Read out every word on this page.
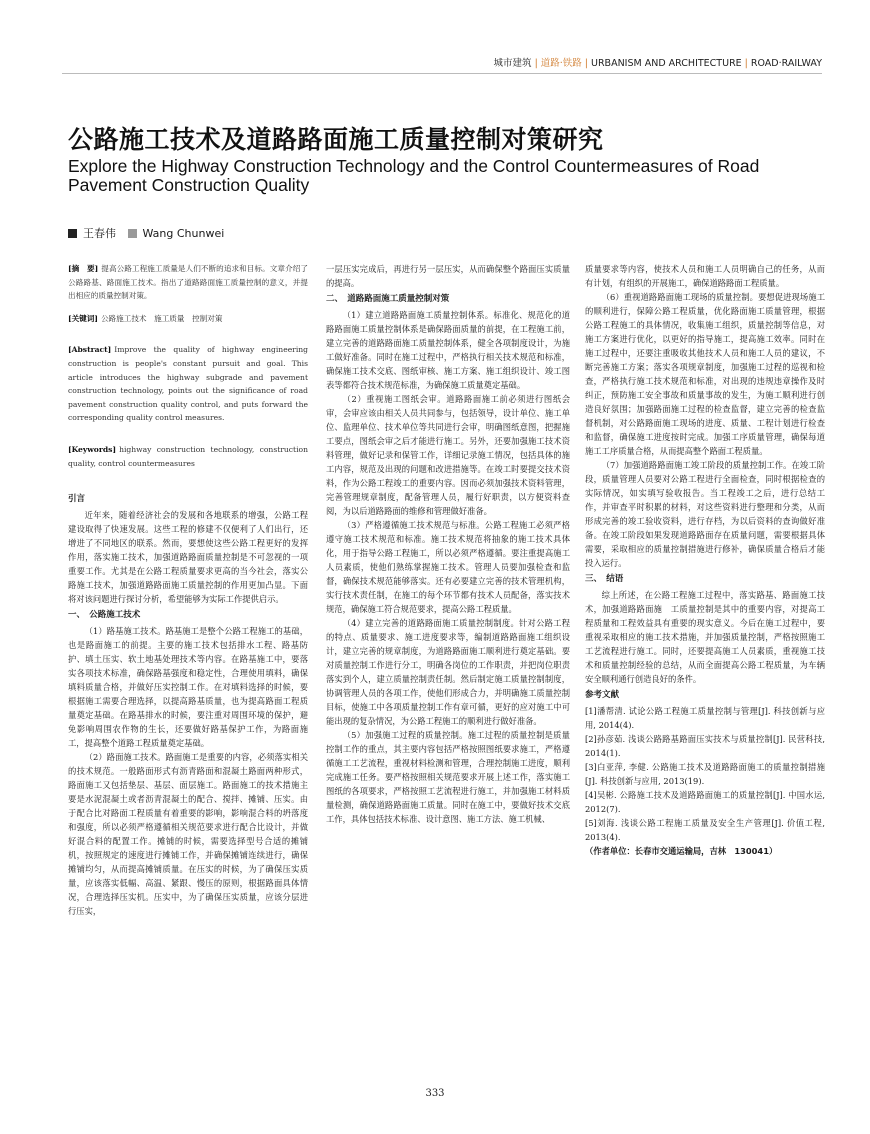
城市建筑 | 道路·铁路 | URBANISM AND ARCHITECTURE | ROAD·RAILWAY
公路施工技术及道路路面施工质量控制对策研究
Explore the Highway Construction Technology and the Control Countermeasures of Road Pavement Construction Quality
王春伟 Wang Chunwei
[摘　要] 提高公路工程施工质量是人们不断的追求和目标。文章介绍了公路路基、路面施工技术。指出了道路路面施工质量控制的意义，并提出相应的质量控制对策。
[关键词] 公路施工技术　施工质量　控制对策
[Abstract] Improve the quality of highway engineering construction is people's constant pursuit and goal. This article introduces the highway subgrade and pavement construction technology, points out the significance of road pavement construction quality control, and puts forward the corresponding quality control measures.
[Keywords] highway construction technology, construction quality, control countermeasures
引言

近年来，随着经济社会的发展和各地联系的增强，公路工程建设取得了快速发展。这些工程的修建不仅便利了人们出行，还增进了不同地区的联系。然而，要想使这些公路工程更好的发挥作用，落实施工技术，加强道路路面质量控制是不可忽视的一项重要工作。尤其是在公路工程质量要求更高的当今社会，落实公路施工技术，加强道路路面施工质量控制的作用更加凸显。下面将对该问题进行探讨分析，希望能够为实际工作提供启示。

一、　公路施工技术

（1）路基施工技术。路基施工是整个公路工程施工的基础，也是路面施工的前提。主要的施工技术包括排水工程、路基防护、填土压实、软土地基处理技术等内容。在路基施工中，要落实各项技术标准，确保路基强度和稳定性，合理使用填料，确保填料质量合格，并做好压实控制工作。在对填料选择的时候，要根据施工需要合理选择，以提高路基质量，也为提高路面工程质量奠定基础。在路基排水的时候，要注重对周围环境的保护，避免影响周围农作物的生长，还要做好路基保护工作，为路面施工，提高整个道路工程质量奠定基础。

（2）路面施工技术。路面施工是重要的内容，必须落实相关的技术规范。一般路面形式有沥青路面和混凝土路面两种形式，路面施工又包括垫层、基层、面层施工。路面施工的技术措施主要是水泥混凝土或者沥青混凝土的配合、搅拌、摊铺、压实。由于配合比对路面工程质量有着重要的影响，影响混合料的坍落度和强度，所以必须严格遵循相关规范要求进行配合比设计，并做好混合料的配置工作。摊铺的时候，需要选择型号合适的摊铺机，按照规定的速度进行摊铺工作，并确保摊铺连续进行，确保摊铺均匀，从而提高摊铺质量。在压实的时候，为了确保压实质量，应该落实低幅、高温、紧跟、慢压的原则，根据路面具体情况，合理选择压实机。压实中，为了确保压实质量，应该分层进行压实，

一层压实完成后，再进行另一层压实，从而确保整个路面压实质量的提高。

二、　道路路面施工质量控制对策

（1）建立道路路面施工质量控制体系。标准化、规范化的道路路面施工质量控制体系是确保路面质量的前提，在工程施工前，建立完善的道路路面施工质量控制体系，健全各项制度设计，为施工做好准备。同时在施工过程中，严格执行相关技术规范和标准，确保施工技术交底、图纸审核、施工方案、施工组织设计、竣工图表等都符合技术规范标准，为确保施工质量奠定基础。

（2）重视施工图纸会审。道路路面施工前必须进行图纸会审，会审应该由相关人员共同参与，包括领导，设计单位、施工单位、监理单位、技术单位等共同进行会审，明确图纸意图，把握施工要点，图纸会审之后才能进行施工。另外，还要加强施工技术资料管理，做好记录和保管工作，详细记录施工情况，包括具体的施工内容，规范及出现的问题和改进措施等。在竣工时要提交技术资料，作为公路工程竣工的重要内容。因而必须加强技术资料管理，完善管理规章制度，配备管理人员，履行好职责，以方便资料查阅，为以后道路路面的维修和管理做好准备。

（3）严格遵循施工技术规范与标准。公路工程施工必须严格遵守施工技术规范和标准。施工技术规范将抽象的施工技术具体化，用于指导公路工程施工，所以必须严格遵循。要注重提高施工人员素质，使他们熟练掌握施工技术。管理人员要加强检查和监督，确保技术规范能够落实。还有必要建立完善的技术管理机构，实行技术责任制，在施工的每个环节都有技术人员配备，落实技术规范，确保施工符合规范要求，提高公路工程质量。

（4）建立完善的道路路面施工质量控制制度。针对公路工程的特点、质量要求、施工进度要求等，编制道路路面施工组织设计，建立完善的规章制度，为道路路面施工顺利进行奠定基础。要对质量控制工作进行分工，明确各岗位的工作职责，并把岗位职责落实到个人，建立质量控制责任制。然后制定施工质量控制制度，协调管理人员的各项工作，使他们形成合力，并明确施工质量控制目标，使施工中各项质量控制工作有章可循，更好的应对施工中可能出现的复杂情况，为公路工程施工的顺利进行做好准备。

（5）加强施工过程的质量控制。施工过程的质量控制是质量控制工作的重点，其主要内容包括严格按照图纸要求施工，严格遵循施工工艺流程，重视材料检测和管理，合理控制施工进度，顺利完成施工任务。要严格按照相关规范要求开展上述工作，落实施工图纸的各项要求，严格按照工艺流程进行施工，并加强施工材料质量检测，确保道路路面施工质量。同时在施工中，要做好技术交底工作，具体包括技术标准、设计意图、施工方法、施工机械、

质量要求等内容，使技术人员和施工人员明确自己的任务，从而有计划，有组织的开展施工，确保道路路面工程质量。

（6）重视道路路面施工现场的质量控制。要想促进现场施工的顺利进行，保障公路工程质量，优化路面施工质量管理，根据公路工程施工的具体情况，收集施工组织，质量控制等信息，对施工方案进行优化，以更好的指导施工，提高施工效率。同时在施工过程中，还要注重吸收其他技术人员和施工人员的建议，不断完善施工方案；落实各项规章制度，加强施工过程的巡视和检查，严格执行施工技术规范和标准，对出现的违规违章操作及时纠正，预防施工安全事故和质量事故的发生，为施工顺利进行创造良好氛围；加强路面施工过程的检查监督，建立完善的检查监督机制，对公路路面施工现场的进度、质量、工程计划进行检查和监督，确保施工进度按时完成。加强工序质量管理，确保每道施工工序质量合格，从而提高整个路面工程质量。

（7）加强道路路面施工竣工阶段的质量控制工作。在竣工阶段，质量管理人员要对公路工程进行全面检查，同时根据检查的实际情况，如实填写验收报告。当工程竣工之后，进行总结工作，并审查平时积累的材料，对这些资料进行整理和分类，从而形成完善的竣工验收资料，进行存档，为以后资料的查询做好准备。在竣工阶段如果发现道路路面存在质量问题，需要根据具体需要，采取相应的质量控制措施进行修补，确保质量合格后才能投入运行。

三、　结语

综上所述，在公路工程施工过程中，落实路基、路面施工技术，加强道路路面施　工质量控制是其中的重要内容，对提高工程质量和工程效益具有重要的现实意义。今后在施工过程中，要重视采取相应的施工技术措施，并加强质量控制，严格按照施工工艺流程进行施工。同时，还要提高施工人员素质，重视施工技术和质量控制经验的总结，从而全面提高公路工程质量，为车辆安全顺利通行创造良好的条件。

参考文献

[1]潘帮清. 试论公路工程施工质量控制与管理[J]. 科技创新与应用, 2014(4).

[2]孙彦茹. 浅谈公路路基路面压实技术与质量控制[J]. 民营科技, 2014(1).

[3]白亚萍, 李健. 公路施工技术及道路路面施工的质量控制措施[J]. 科技创新与应用, 2013(19).

[4]吴彬. 公路施工技术及道路路面施工的质量控制[J]. 中国水运, 2012(7).

[5]刘海. 浅谈公路工程施工质量及安全生产管理[J]. 价值工程, 2013(4).

（作者单位：长春市交通运输局，吉林　130041）
333
